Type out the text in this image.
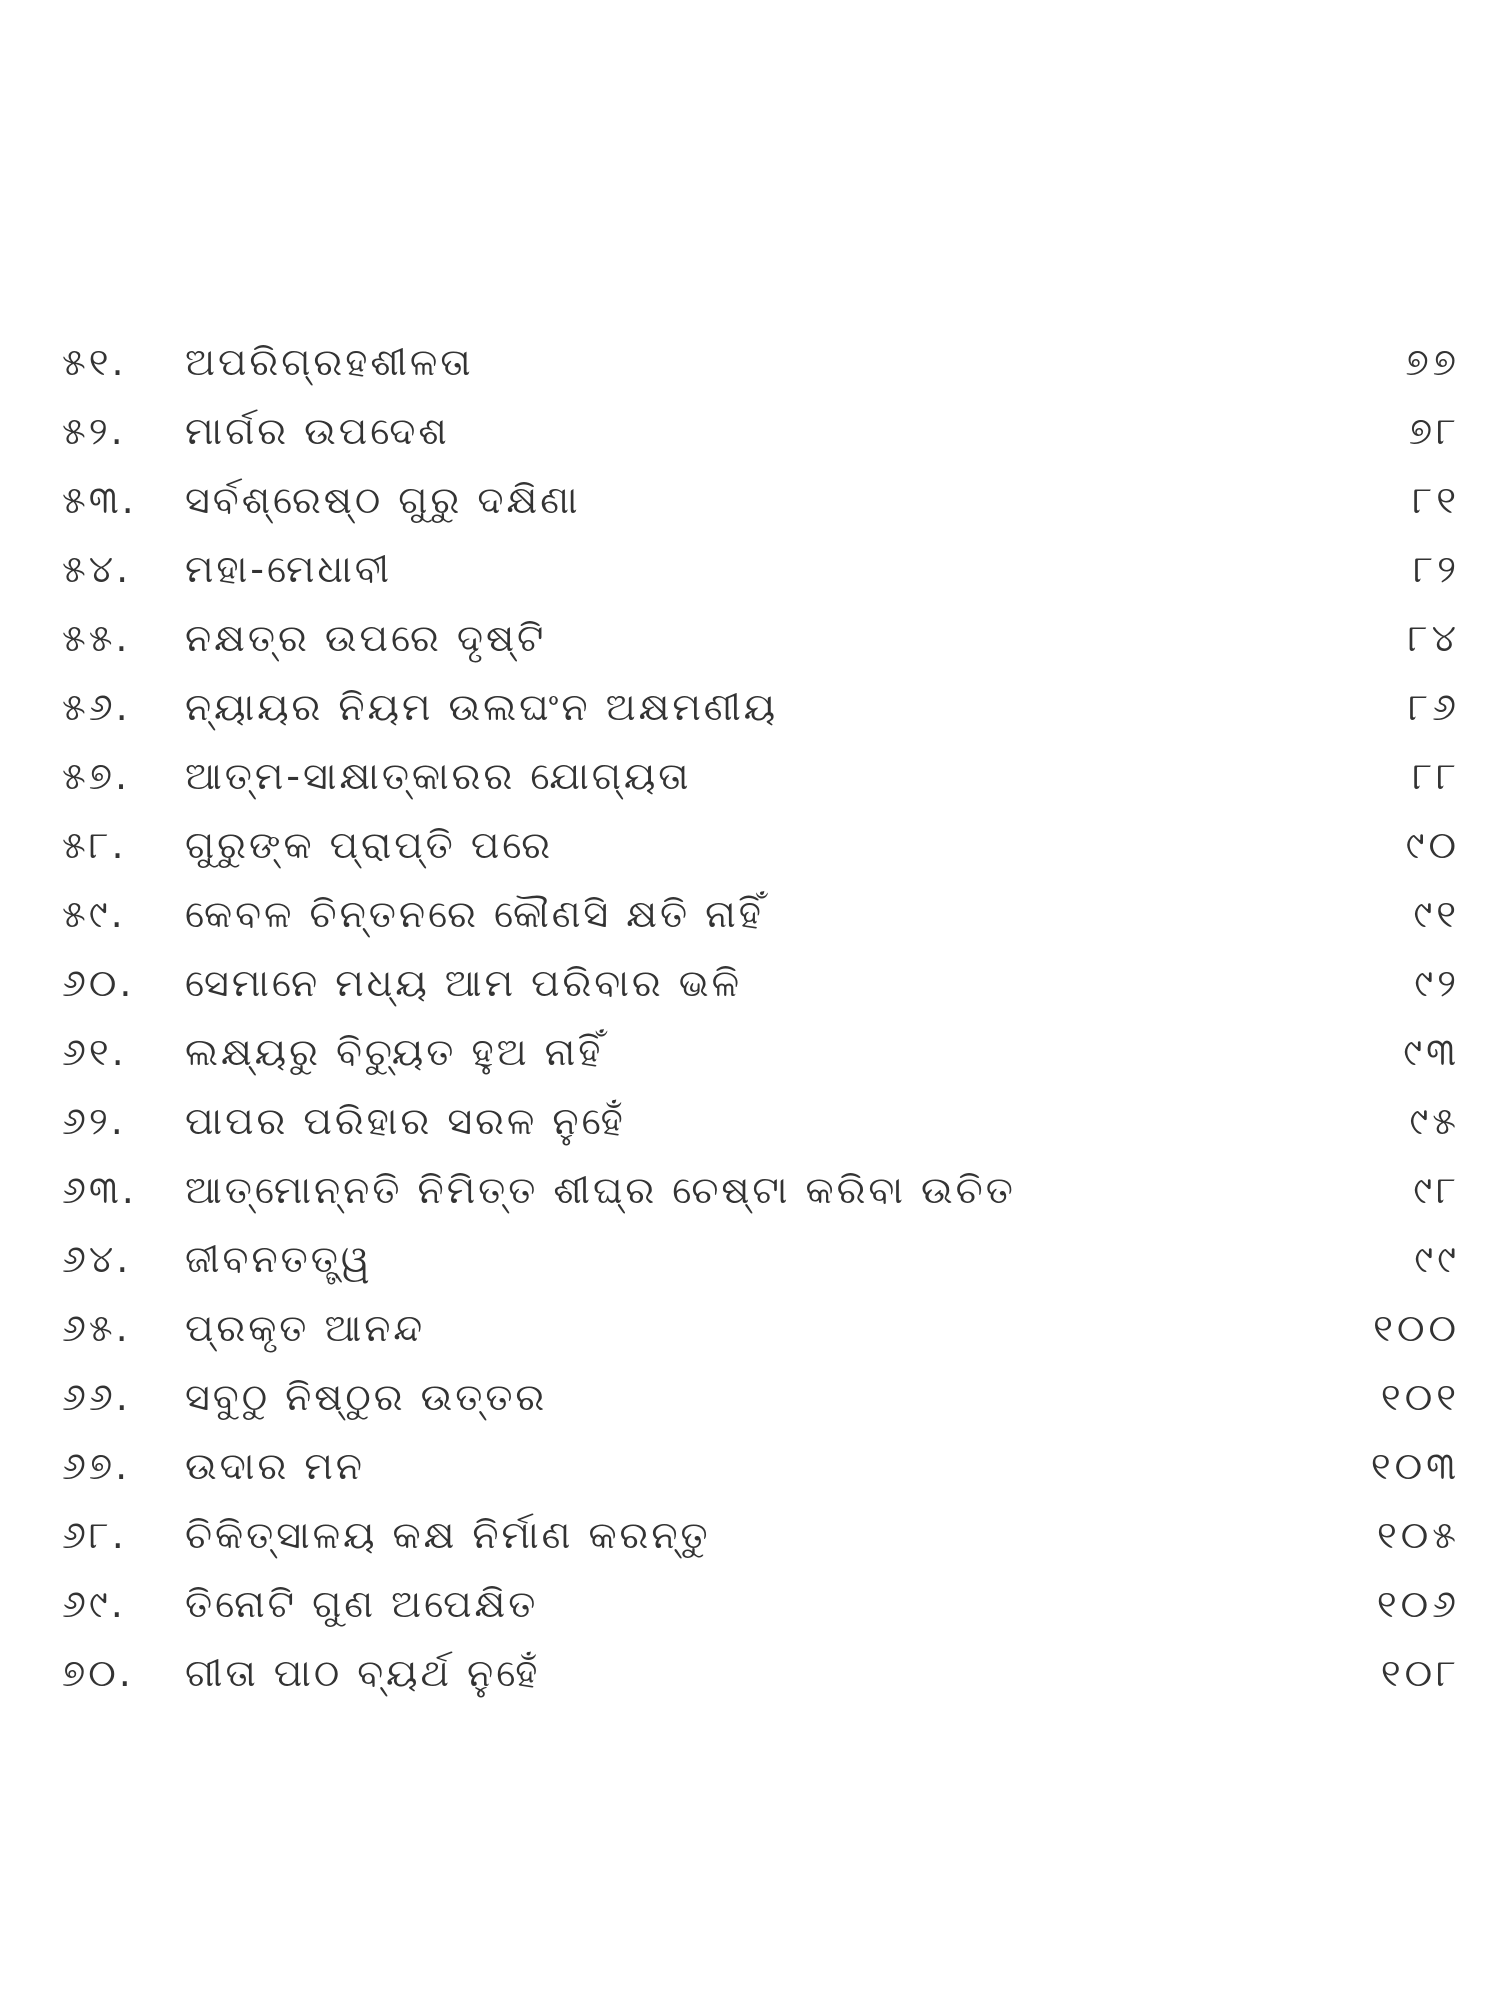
୫୧.	ଅପରିଗ୍ରହଶୀଳତା	୭୭
୫୨.	ମାର୍ଗର ଉପଦେଶ	୭୮
୫୩.	ସର୍ବଶ୍ରେଷ୍ଠ ଗୁରୁ ଦକ୍ଷିଣା	୮୧
୫୪.	ମହା-ମେଧାବୀ	୮୨
୫୫.	ନକ୍ଷତ୍ର ଉପରେ ଦୃଷ୍ଟି	୮୪
୫୬.	ନ୍ୟାୟର ନିୟମ ଉଲଘଂନ ଅକ୍ଷମଣୀୟ	୮୬
୫୭.	ଆତ୍ମ-ସାକ୍ଷାତ୍କାରର ଯୋଗ୍ୟତା	୮୮
୫୮.	ଗୁରୁଙ୍କ ପ୍ରାପ୍ତି ପରେ	୯୦
୫୯.	କେବଳ ଚିନ୍ତନରେ କୌଣସି କ୍ଷତି ନାହିଁ	୯୧
୬୦.	ସେମାନେ ମଧ୍ୟ ଆମ ପରିବାର ଭଳି	୯୨
୬୧.	ଲକ୍ଷ୍ୟରୁ ବିଚ୍ୟୁତ ହୁଅ ନାହିଁ	୯୩
୬୨.	ପାପର ପରିହାର ସରଳ ନୁହେଁ	୯୫
୬୩.	ଆତ୍ମୋନ୍ନତି ନିମିତ୍ତ ଶୀଘ୍ର ଚେଷ୍ଟା କରିବା ଉଚିତ	୯୮
୬୪.	ଜୀବନତତ୍ତ୍ୱ	୯୯
୬୫.	ପ୍ରକୃତ ଆନନ୍ଦ	୧୦୦
୬୬.	ସବୁଠୁ ନିଷ୍ଠୁର ଉତ୍ତର	୧୦୧
୬୭.	ଉଦାର ମନ	୧୦୩
୬୮.	ଚିକିତ୍ସାଳୟ କକ୍ଷ ନିର୍ମାଣ କରନ୍ତୁ	୧୦୫
୬୯.	ତିନୋଟି ଗୁଣ ଅପେକ୍ଷିତ	୧୦୬
୭୦.	ଗୀତା ପାଠ ବ୍ୟର୍ଥ ନୁହେଁ	୧୦୮
